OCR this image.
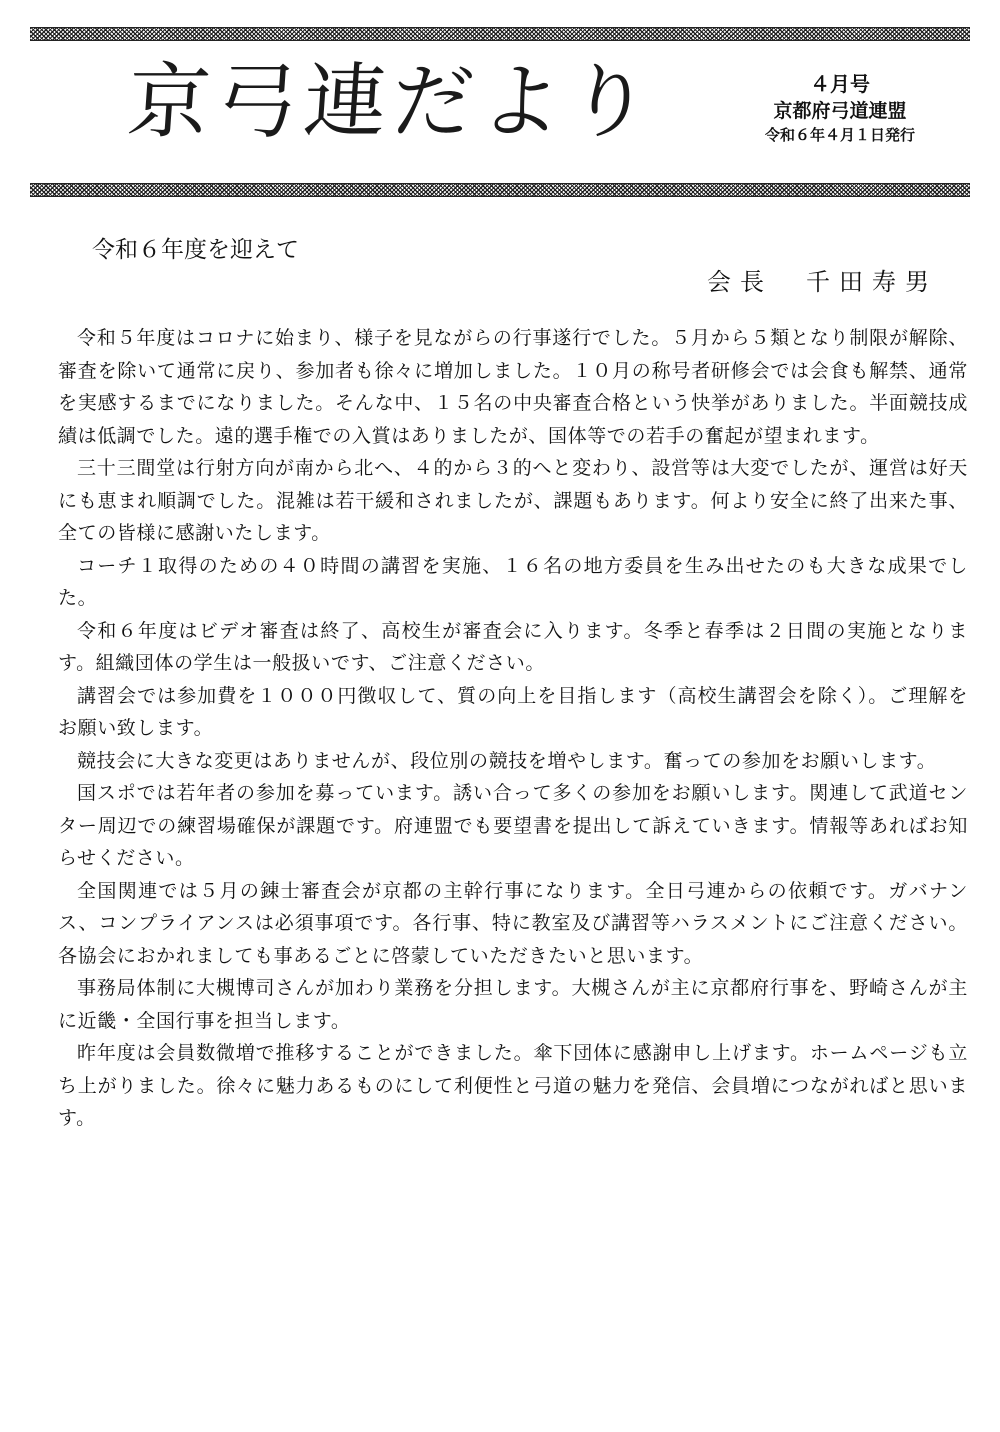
京弓連だより	４月号
京都府弓道連盟
令和６年４月１日発行
令和６年度を迎えて
会長　千田寿男

令和５年度はコロナに始まり、様子を見ながらの行事遂行でした。５月から５類となり制限が解除、審査を除いて通常に戻り、参加者も徐々に増加しました。１０月の称号者研修会では会食も解禁、通常を実感するまでになりました。そんな中、１５名の中央審査合格という快挙がありました。半面競技成績は低調でした。遠的選手権での入賞はありましたが、国体等での若手の奮起が望まれます。

三十三間堂は行射方向が南から北へ、４的から３的へと変わり、設営等は大変でしたが、運営は好天にも恵まれ順調でした。混雑は若干緩和されましたが、課題もあります。何より安全に終了出来た事、全ての皆様に感謝いたします。

コーチ１取得のための４０時間の講習を実施、１６名の地方委員を生み出せたのも大きな成果でした。

令和６年度はビデオ審査は終了、高校生が審査会に入ります。冬季と春季は２日間の実施となります。組織団体の学生は一般扱いです、ご注意ください。

講習会では参加費を１０００円徴収して、質の向上を目指します（高校生講習会を除く）。ご理解をお願い致します。

競技会に大きな変更はありませんが、段位別の競技を増やします。奮っての参加をお願いします。

国スポでは若年者の参加を募っています。誘い合って多くの参加をお願いします。関連して武道センター周辺での練習場確保が課題です。府連盟でも要望書を提出して訴えていきます。情報等あればお知らせください。

全国関連では５月の錬士審査会が京都の主幹行事になります。全日弓連からの依頼です。ガバナンス、コンプライアンスは必須事項です。各行事、特に教室及び講習等ハラスメントにご注意ください。各協会におかれましても事あるごとに啓蒙していただきたいと思います。

事務局体制に大槻博司さんが加わり業務を分担します。大槻さんが主に京都府行事を、野崎さんが主に近畿・全国行事を担当します。

昨年度は会員数微増で推移することができました。傘下団体に感謝申し上げます。ホームページも立ち上がりました。徐々に魅力あるものにして利便性と弓道の魅力を発信、会員増につながればと思います。
